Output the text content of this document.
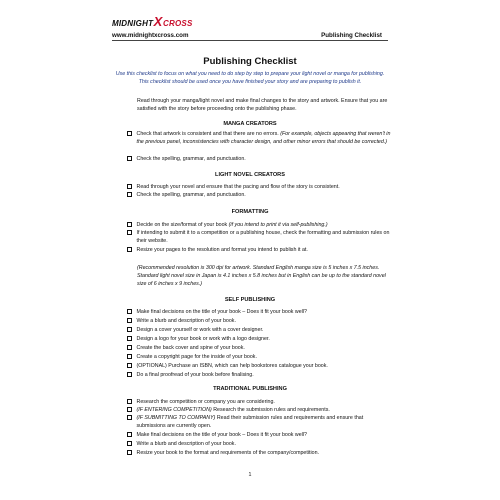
MIDNIGHTXCROSS
www.midnightxcross.com	Publishing Checklist
Publishing Checklist
Use this checklist to focus on what you need to do step by step to prepare your light novel or manga for publishing. This checklist should be used once you have finished your story and are preparing to publish it.
Read through your manga/light novel and make final changes to the story and artwork. Ensure that you are satisfied with the story before proceeding onto the publishing phase.
MANGA CREATORS
Check that artwork is consistent and that there are no errors. (For example, objects appearing that weren't in the previous panel, inconsistencies with character design, and other minor errors that should be corrected.)
Check the spelling, grammar, and punctuation.
LIGHT NOVEL CREATORS
Read through your novel and ensure that the pacing and flow of the story is consistent.
Check the spelling, grammar, and punctuation.
FORMATTING
Decide on the size/format of your book (if you intend to print it via self-publishing.)
If intending to submit it to a competition or a publishing house, check the formatting and submission rules on their website.
Resize your pages to the resolution and format you intend to publish it at.
(Recommended resolution is 300 dpi for artwork. Standard English manga size is 5 inches x 7.5 inches. Standard light novel size in Japan is 4.1 inches x 5.8 inches but in English can be up to the standard novel size of 6 inches x 9 inches.)
SELF PUBLISHING
Make final decisions on the title of your book – Does it fit your book well?
Write a blurb and description of your book.
Design a cover yourself or work with a cover designer.
Design a logo for your book or work with a logo designer.
Create the back cover and spine of your book.
Create a copyright page for the inside of your book.
(OPTIONAL) Purchase an ISBN, which can help bookstores catalogue your book.
Do a final proofread of your book before finalising.
TRADITIONAL PUBLISHING
Research the competition or company you are considering.
(IF ENTERING COMPETITION) Research the submission rules and requirements.
(IF SUBMITTING TO COMPANY) Read their submission rules and requirements and ensure that submissions are currently open.
Make final decisions on the title of your book – Does it fit your book well?
Write a blurb and description of your book.
Resize your book to the format and requirements of the company/competition.
1
